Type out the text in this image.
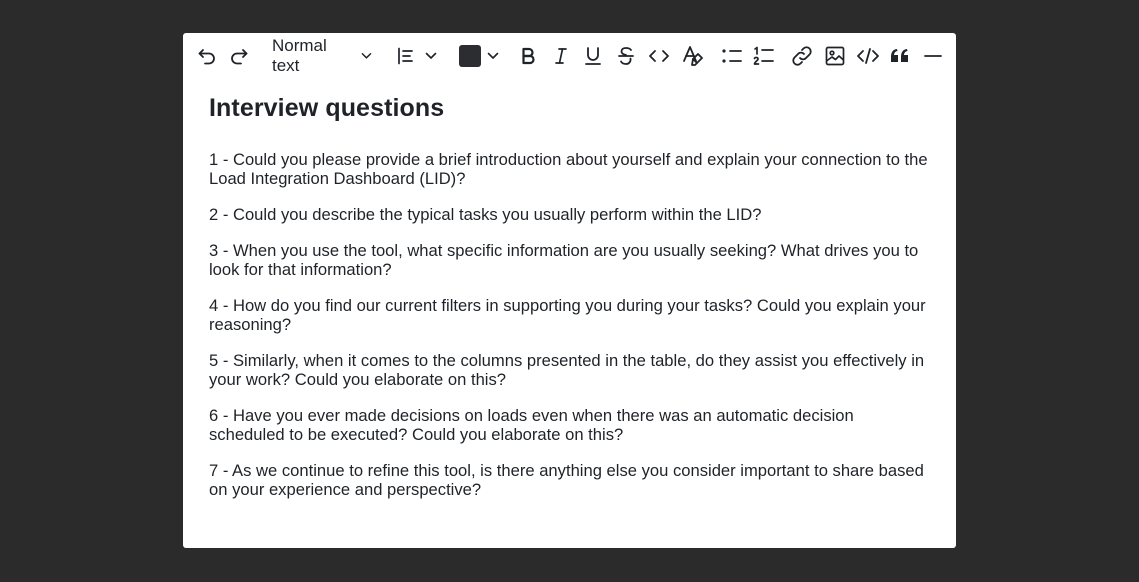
Normal text
Interview questions

1 - Could you please provide a brief introduction about yourself and explain your connection to the Load Integration Dashboard (LID)?

2 - Could you describe the typical tasks you usually perform within the LID?

3 - When you use the tool, what specific information are you usually seeking? What drives you to look for that information?

4 - How do you find our current filters in supporting you during your tasks? Could you explain your reasoning?

5 - Similarly, when it comes to the columns presented in the table, do they assist you effectively in your work? Could you elaborate on this?

6 - Have you ever made decisions on loads even when there was an automatic decision scheduled to be executed? Could you elaborate on this?

7 - As we continue to refine this tool, is there anything else you consider important to share based on your experience and perspective?
